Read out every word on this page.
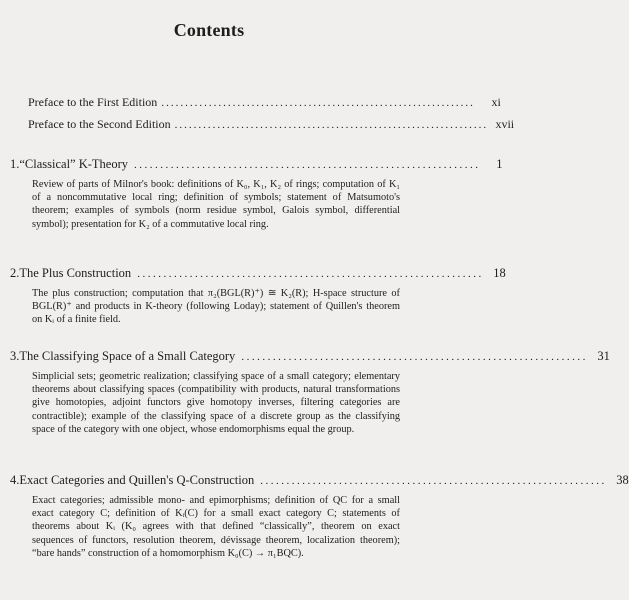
Contents
Preface to the First Edition ..................................................................	xi
Preface to the Second Edition .................................................................. xvii
1. “Classical” K-Theory ..................................................................	1
Review of parts of Milnor's book: definitions of K₀, K₁, K₂ of rings; computation of K₁ of a noncommutative local ring; definition of symbols; statement of Matsumoto's theorem; examples of symbols (norm residue symbol, Galois symbol, differential symbol); presentation for K₂ of a commutative local ring.
2. The Plus Construction .................................................................. 18
The plus construction; computation that π₂(BGL(R)⁺) ≅ K₂(R); H-space structure of BGL(R)⁺ and products in K-theory (following Loday); statement of Quillen's theorem on Kᵢ of a finite field.
3. The Classifying Space of a Small Category .................................................................. 31
Simplicial sets; geometric realization; classifying space of a small category; elementary theorems about classifying spaces (compatibility with products, natural transformations give homotopies, adjoint functors give homotopy inverses, filtering categories are contractible); example of the classifying space of a discrete group as the classifying space of the category with one object, whose endomorphisms equal the group.
4. Exact Categories and Quillen's Q-Construction .................................................................. 38
Exact categories; admissible mono- and epimorphisms; definition of QC for a small exact category C; definition of Kᵢ(C) for a small exact category C; statements of theorems about Kᵢ (K₀ agrees with that defined “classically”, theorem on exact sequences of functors, resolution theorem, dévissage theorem, localization theorem); “bare hands” construction of a homomorphism K₀(C) → π₁BQC).
